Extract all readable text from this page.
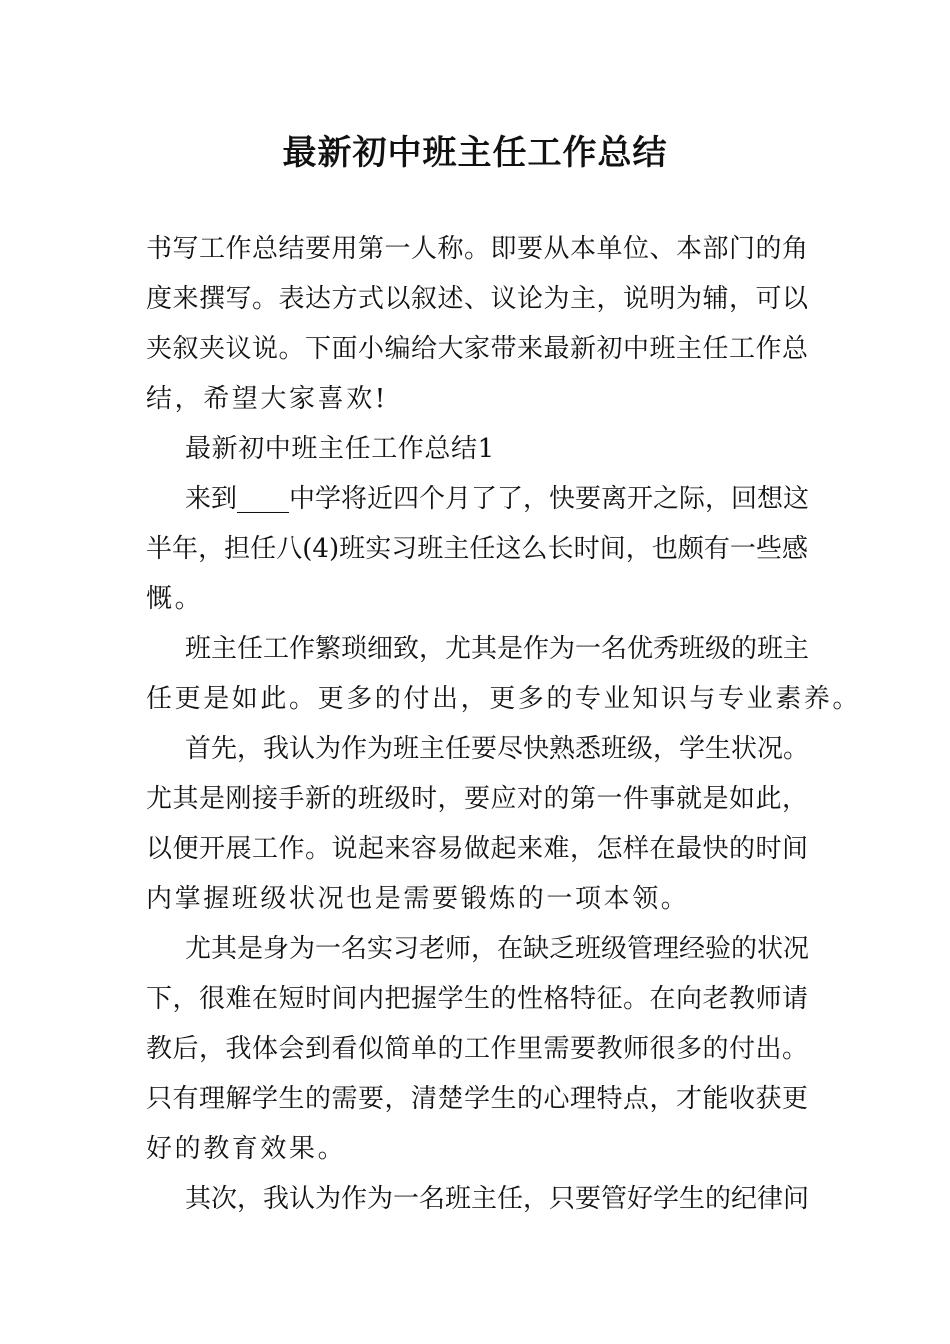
最新初中班主任工作总结
书写工作总结要用第一人称。即要从本单位、本部门的角
度来撰写。表达方式以叙述、议论为主，说明为辅，可以
夹叙夹议说。下面小编给大家带来最新初中班主任工作总
结，希望大家喜欢!
最新初中班主任工作总结1
来到____中学将近四个月了了，快要离开之际，回想这
半年，担任八(4)班实习班主任这么长时间，也颇有一些感
慨。
班主任工作繁琐细致，尤其是作为一名优秀班级的班主
任更是如此。更多的付出，更多的专业知识与专业素养。
首先，我认为作为班主任要尽快熟悉班级，学生状况。
尤其是刚接手新的班级时，要应对的第一件事就是如此，
以便开展工作。说起来容易做起来难，怎样在最快的时间
内掌握班级状况也是需要锻炼的一项本领。
尤其是身为一名实习老师，在缺乏班级管理经验的状况
下，很难在短时间内把握学生的性格特征。在向老教师请
教后，我体会到看似简单的工作里需要教师很多的付出。
只有理解学生的需要，清楚学生的心理特点，才能收获更
好的教育效果。
其次，我认为作为一名班主任，只要管好学生的纪律问
